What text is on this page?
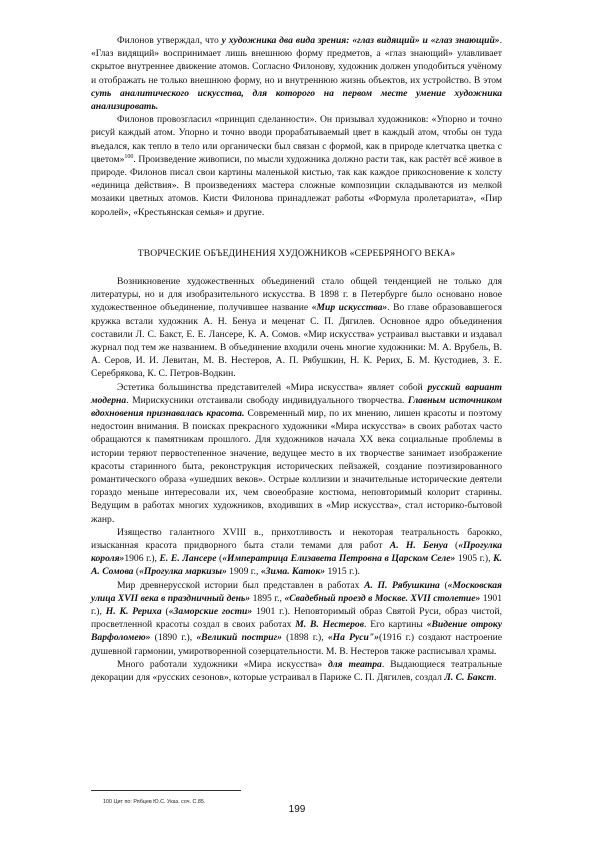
Филонов утверждал, что у художника два вида зрения: «глаз видящий» и «глаз знающий». «Глаз видящий» воспринимает лишь внешнюю форму предметов, а «глаз знающий» улавливает скрытое внутреннее движение атомов. Согласно Филонову, художник должен уподобиться учёному и отображать не только внешнюю форму, но и внутреннюю жизнь объектов, их устройство. В этом суть аналитического искусства, для которого на первом месте умение художника анализировать.

Филонов провозгласил «принцип сделанности». Он призывал художников: «Упорно и точно рисуй каждый атом. Упорно и точно вводи прорабатываемый цвет в каждый атом, чтобы он туда въедался, как тепло в тело или органически был связан с формой, как в природе клетчатка цветка с цветом»$^{100}$. Произведение живописи, по мысли художника должно расти так, как растёт всё живое в природе. Филонов писал свои картины маленькой кистью, так как каждое прикосновение к холсту «единица действия». В произведениях мастера сложные композиции складываются из мелкой мозаики цветных атомов. Кисти Филонова принадлежат работы «Формула пролетариата», «Пир королей», «Крестьянская семья» и другие.

ТВОРЧЕСКИЕ ОБЪЕДИНЕНИЯ ХУДОЖНИКОВ «СЕРЕБРЯНОГО ВЕКА»

Возникновение художественных объединений стало общей тенденцией не только для литературы, но и для изобразительного искусства. В 1898 г. в Петербурге было основано новое художественное объединение, получившее название «Мир искусства». Во главе образовавшегося кружка встали художник А. Н. Бенуа и меценат С. П. Дягилев. Основное ядро объединения составили Л. С. Бакст, Е. Е. Лансере, К. А. Сомов. «Мир искусства» устраивал выставки и издавал журнал под тем же названием. В объединение входили очень многие художники: М. А. Врубель, В. А. Серов, И. И. Левитан, М. В. Нестеров, А. П. Рябушкин, Н. К. Рерих, Б. М. Кустодиев, З. Е. Серебрякова, К. С. Петров-Водкин.

Эстетика большинства представителей «Мира искусства» являет собой русский вариант модерна. Мирискусники отстаивали свободу индивидуального творчества. Главным источником вдохновения признавалась красота. Современный мир, по их мнению, лишен красоты и поэтому недостоин внимания. В поисках прекрасного художники «Мира искусства» в своих работах часто обращаются к памятникам прошлого. Для художников начала XX века социальные проблемы в истории теряют первостепенное значение, ведущее место в их творчестве занимает изображение красоты старинного быта, реконструкция исторических пейзажей, создание поэтизированного романтического образа «ушедших веков». Острые коллизии и значительные исторические деятели гораздо меньше интересовали их, чем своеобразие костюма, неповторимый колорит старины. Ведущим в работах многих художников, входивших в «Мир искусства», стал историко-бытовой жанр.

Изящество галантного XVIII в., прихотливость и некоторая театральность барокко, изысканная красота придворного быта стали темами для работ А. Н. Бенуа («Прогулка короля»1906 г.), Е. Е. Лансере («Императрица Елизавета Петровна в Царском Селе» 1905 г.), К. А. Сомова («Прогулка маркизы» 1909 г., «Зима. Каток» 1915 г.).

Мир древнерусской истории был представлен в работах А. П. Рябушкина («Московская улица XVII века в праздничный день» 1895 г., «Свадебный проезд в Москве. XVII столетие» 1901 г.), Н. К. Рериха («Заморские гости» 1901 г.). Неповторимый образ Святой Руси, образ чистой, просветленной красоты создал в своих работах М. В. Нестеров. Его картины «Видение отроку Варфоломею» (1890 г.), «Великий постриг» (1898 г.), «На Руси"»(1916 г.) создают настроение душевной гармонии, умиротворенной созерцательности. М. В. Нестеров также расписывал храмы.

Много работали художники «Мира искусства» для театра. Выдающиеся театральные декорации для «русских сезонов», которые устраивал в Париже С. П. Дягилев, создал Л. С. Бакст.

100 Цит по: Рябцев Ю.С. Указ. соч. С.85.
199
